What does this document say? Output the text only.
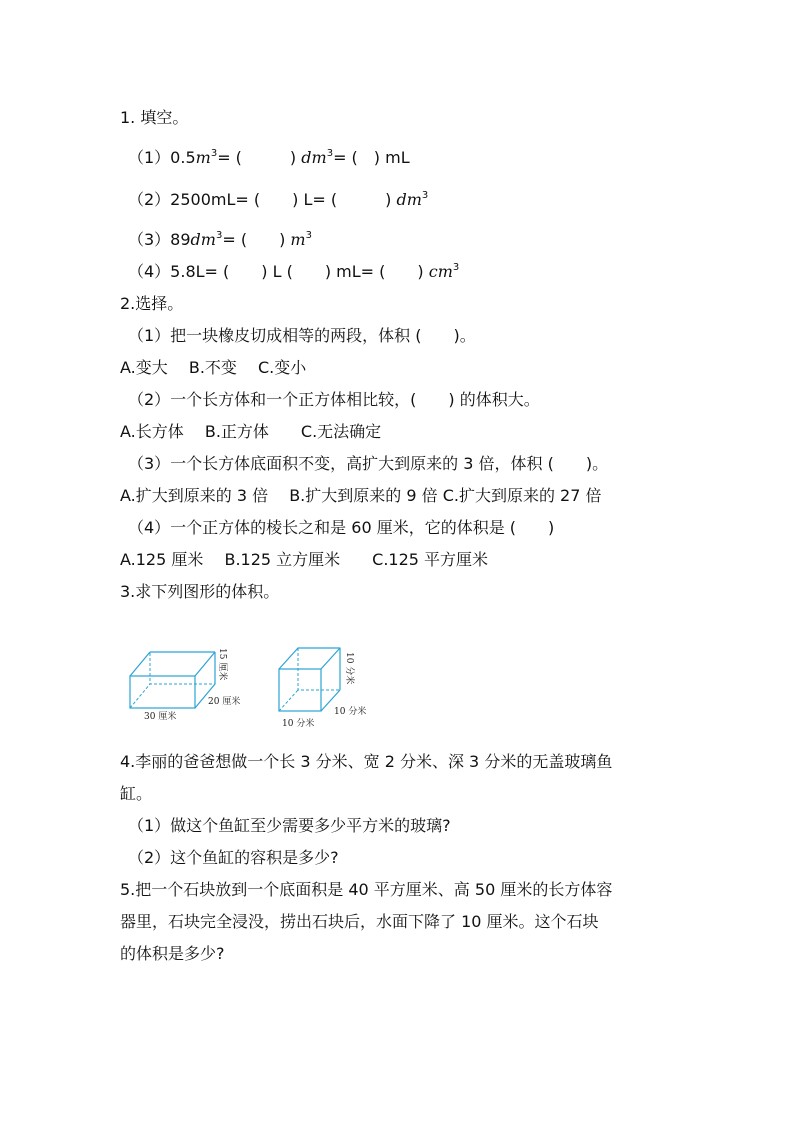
1. 填空。
$(1)0.5m^3=$ (　　　) $dm^3=$ (　) mL
（2）2500mL= (　　) L= (　　　) $dm^3$
$(3)89dm^3=$ (　　) $m^3$
（4）5.8L= (　　) L (　　) mL= (　　) $cm^3$
2.选择。
（1）把一块橡皮切成相等的两段，体积 (　　)。
A.变大　 B.不变　 C.变小
（2）一个长方体和一个正方体相比较，(　　) 的体积大。
A.长方体　 B.正方体　　C.无法确定
（3）一个长方体底面积不变，高扩大到原来的 3 倍，体积 (　　)。
A.扩大到原来的 3 倍　 B.扩大到原来的 9 倍 C.扩大到原来的 27 倍
（4）一个正方体的棱长之和是 60 厘米，它的体积是 (　　)
A.125 厘米　 B.125 立方厘米　　C.125 平方厘米
3.求下列图形的体积。
30 厘米
20 厘米
15 厘米
10 分米
10 分米
10 分米
4.李丽的爸爸想做一个长 3 分米、宽 2 分米、深 3 分米的无盖玻璃鱼
缸。
（1）做这个鱼缸至少需要多少平方米的玻璃?
（2）这个鱼缸的容积是多少?
5.把一个石块放到一个底面积是 40 平方厘米、高 50 厘米的长方体容
器里，石块完全浸没，捞出石块后，水面下降了 10 厘米。这个石块
的体积是多少?
